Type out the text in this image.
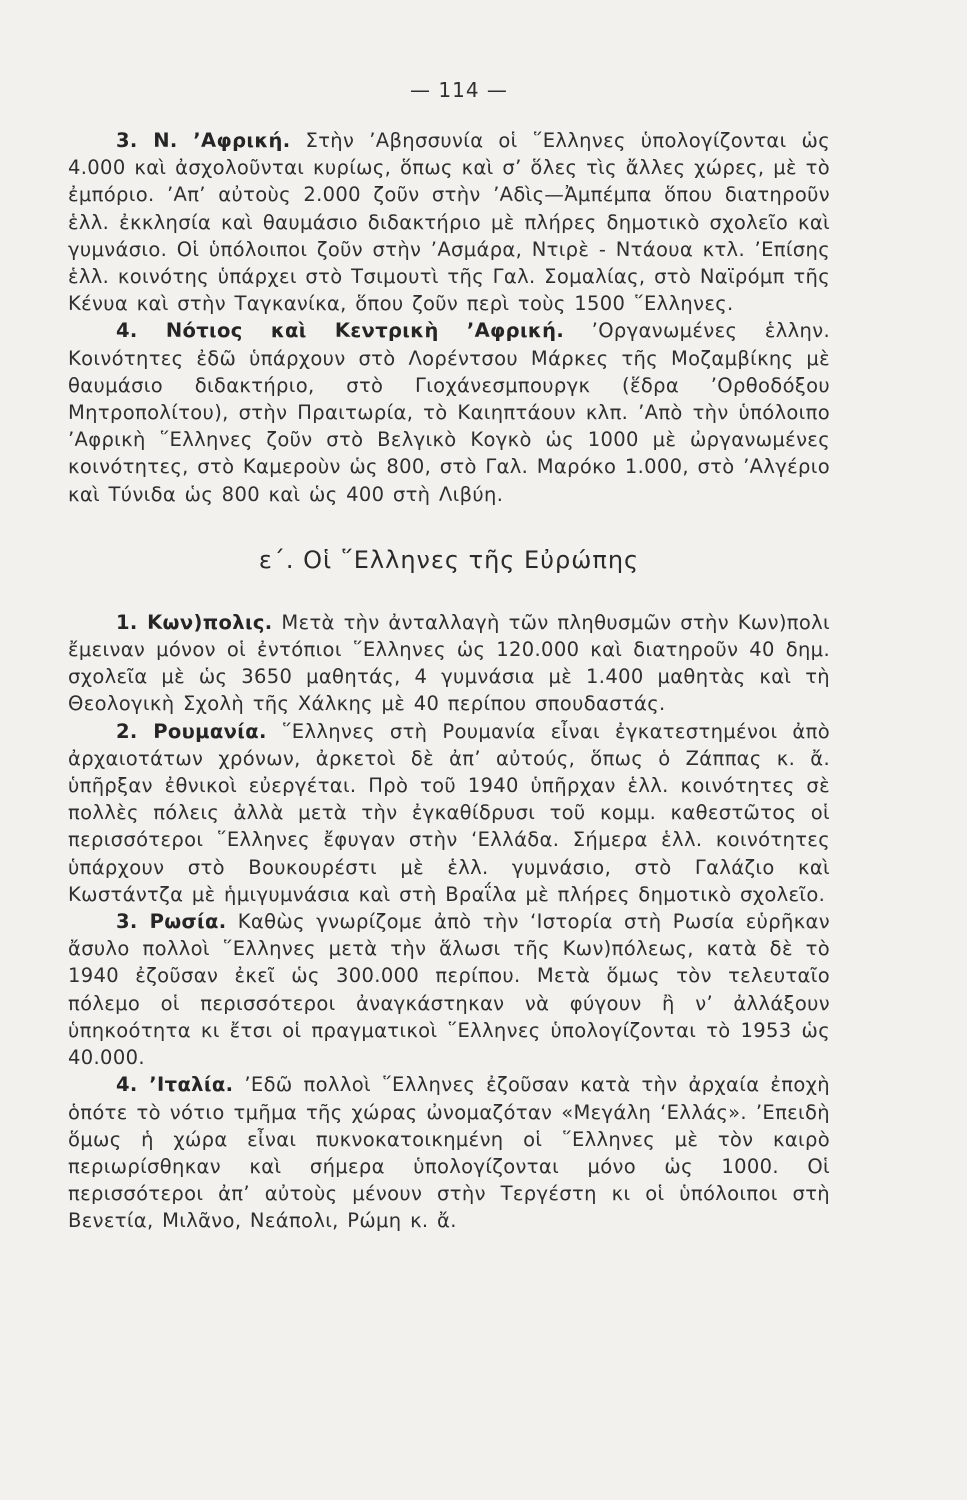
— 114 —

3. Ν. ’Αφρική. Στὴν ’Αβησσυνία οἱ ῞Ελληνες ὑπολογίζονται ὡς 4.000 καὶ ἀσχολοῦνται κυρίως, ὅπως καὶ σ’ ὅλες τὶς ἄλλες χώρες, μὲ τὸ ἐμπόριο. ’Απ’ αὐτοὺς 2.000 ζοῦν στὴν ’Αδὶς—Ἀμπέμπα ὅπου διατηροῦν ἑλλ. ἐκκλησία καὶ θαυμάσιο διδακτήριο μὲ πλήρες δημοτικὸ σχολεῖο καὶ γυμνάσιο. Οἱ ὑπόλοιποι ζοῦν στὴν ’Ασμάρα, Ντιρὲ - Ντάουα κτλ. ’Επίσης ἑλλ. κοινότης ὑπάρχει στὸ Τσιμουτὶ τῆς Γαλ. Σομαλίας, στὸ Ναϊρόμπ τῆς Κένυα καὶ στὴν Ταγκανίκα, ὅπου ζοῦν περὶ τοὺς 1500 ῞Ελληνες.

4. Νότιος καὶ Κεντρικὴ ’Αφρική. ’Οργανωμένες ἑλλην. Κοινότητες ἐδῶ ὑπάρχουν στὸ Λορέντσου Μάρκες τῆς Μοζαμβίκης μὲ θαυμάσιο διδακτήριο, στὸ Γιοχάνεσμπουργκ (ἕδρα ’Ορθοδόξου Μητροπολίτου), στὴν Πραιτωρία, τὸ Καιηπτάουν κλπ. ’Απὸ τὴν ὑπόλοιπο ’Αφρικὴ ῞Ελληνες ζοῦν στὸ Βελγικὸ Κογκὸ ὡς 1000 μὲ ὠργανωμένες κοινότητες, στὸ Καμεροὺν ὡς 800, στὸ Γαλ. Μαρόκο 1.000, στὸ ’Αλγέριο καὶ Τύνιδα ὡς 800 καὶ ὡς 400 στὴ Λιβύη.

ε΄. Οἱ ῞Ελληνες τῆς Εὐρώπης

1. Κων)πολις. Μετὰ τὴν ἀνταλλαγὴ τῶν πληθυσμῶν στὴν Κων)πολι ἔμειναν μόνον οἱ ἐντόπιοι ῞Ελληνες ὡς 120.000 καὶ διατηροῦν 40 δημ. σχολεῖα μὲ ὡς 3650 μαθητάς, 4 γυμνάσια μὲ 1.400 μαθητὰς καὶ τὴ Θεολογικὴ Σχολὴ τῆς Χάλκης μὲ 40 περίπου σπουδαστάς.

2. Ρουμανία. ῞Ελληνες στὴ Ρουμανία εἶναι ἐγκατεστημένοι ἀπὸ ἀρχαιοτάτων χρόνων, ἀρκετοὶ δὲ ἀπ’ αὐτούς, ὅπως ὁ Ζάππας κ. ἄ. ὑπῆρξαν ἐθνικοὶ εὐεργέται. Πρὸ τοῦ 1940 ὑπῆρχαν ἑλλ. κοινότητες σὲ πολλὲς πόλεις ἀλλὰ μετὰ τὴν ἐγκαθίδρυσι τοῦ κομμ. καθεστῶτος οἱ περισσότεροι ῞Ελληνες ἔφυγαν στὴν ‘Ελλάδα. Σήμερα ἑλλ. κοινότητες ὑπάρχουν στὸ Βουκουρέστι μὲ ἑλλ. γυμνάσιο, στὸ Γαλάζιο καὶ Κωστάντζα μὲ ἡμιγυμνάσια καὶ στὴ Βραΐλα μὲ πλήρες δημοτικὸ σχολεῖο.

3. Ρωσία. Καθὼς γνωρίζομε ἀπὸ τὴν ‘Ιστορία στὴ Ρωσία εὑρῆκαν ἄσυλο πολλοὶ ῞Ελληνες μετὰ τὴν ἅλωσι τῆς Κων)πόλεως, κατὰ δὲ τὸ 1940 ἐζοῦσαν ἐκεῖ ὡς 300.000 περίπου. Μετὰ ὅμως τὸν τελευταῖο πόλεμο οἱ περισσότεροι ἀναγκάστηκαν νὰ φύγουν ἢ ν’ ἀλλάξουν ὑπηκοότητα κι ἔτσι οἱ πραγματικοὶ ῞Ελληνες ὑπολογίζονται τὸ 1953 ὡς 40.000.

4. ’Ιταλία. ’Εδῶ πολλοὶ ῞Ελληνες ἐζοῦσαν κατὰ τὴν ἀρχαία ἐποχὴ ὁπότε τὸ νότιο τμῆμα τῆς χώρας ὠνομαζόταν «Μεγάλη ‘Ελλάς». ’Επειδὴ ὅμως ἡ χώρα εἶναι πυκνοκατοικημένη οἱ ῞Ελληνες μὲ τὸν καιρὸ περιωρίσθηκαν καὶ σήμερα ὑπολογίζονται μόνο ὡς 1000. Οἱ περισσότεροι ἀπ’ αὐτοὺς μένουν στὴν Τεργέστη κι οἱ ὑπόλοιποι στὴ Βενετία, Μιλᾶνο, Νεάπολι, Ρώμη κ. ἄ.
